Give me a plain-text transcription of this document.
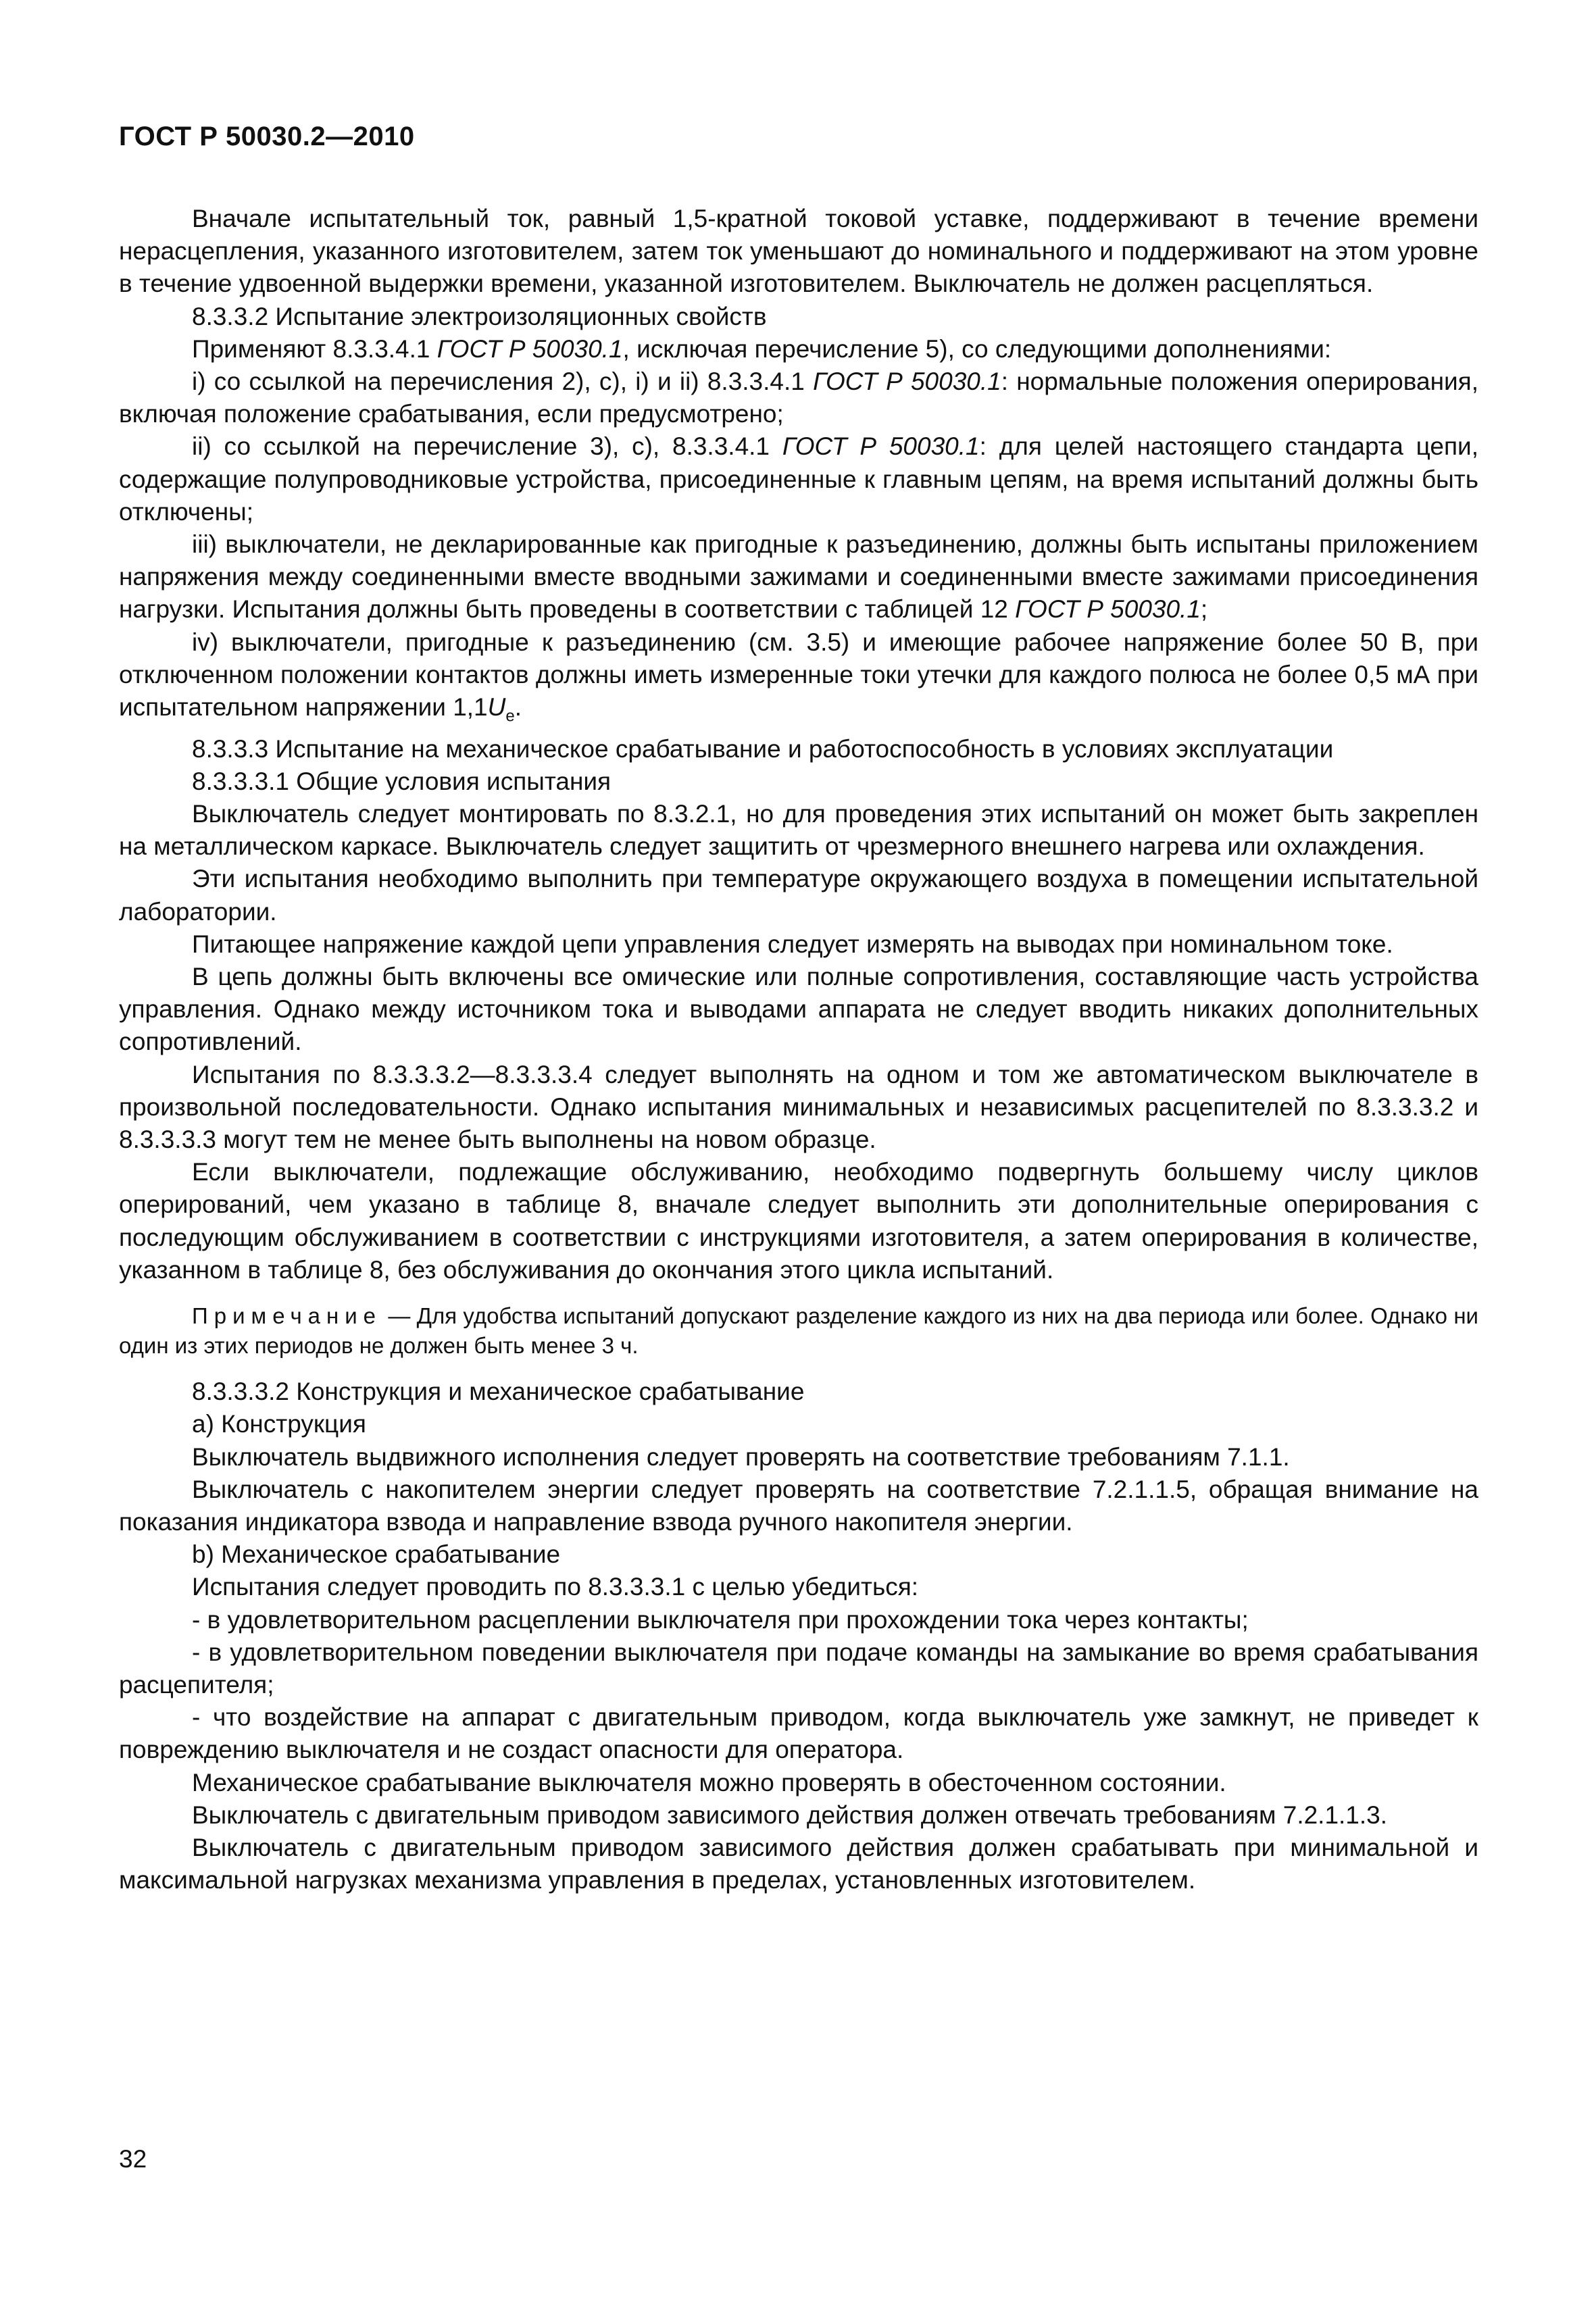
ГОСТ Р 50030.2—2010

Вначале испытательный ток, равный 1,5-кратной токовой уставке, поддерживают в течение времени нерасцепления, указанного изготовителем, затем ток уменьшают до номинального и поддерживают на этом уровне в течение удвоенной выдержки времени, указанной изготовителем. Выключатель не должен расцепляться.

8.3.3.2 Испытание электроизоляционных свойств

Применяют 8.3.3.4.1 ГОСТ Р 50030.1, исключая перечисление 5), со следующими дополнениями:

i) со ссылкой на перечисления 2), c), i) и ii) 8.3.3.4.1 ГОСТ Р 50030.1: нормальные положения оперирования, включая положение срабатывания, если предусмотрено;

ii) со ссылкой на перечисление 3), c), 8.3.3.4.1 ГОСТ Р 50030.1: для целей настоящего стандарта цепи, содержащие полупроводниковые устройства, присоединенные к главным цепям, на время испытаний должны быть отключены;

iii) выключатели, не декларированные как пригодные к разъединению, должны быть испытаны приложением напряжения между соединенными вместе вводными зажимами и соединенными вместе зажимами присоединения нагрузки. Испытания должны быть проведены в соответствии с таблицей 12 ГОСТ Р 50030.1;

iv) выключатели, пригодные к разъединению (см. 3.5) и имеющие рабочее напряжение более 50 В, при отключенном положении контактов должны иметь измеренные токи утечки для каждого полюса не более 0,5 мА при испытательном напряжении $1,1U_e$.

8.3.3.3 Испытание на механическое срабатывание и работоспособность в условиях эксплуатации

8.3.3.3.1 Общие условия испытания

Выключатель следует монтировать по 8.3.2.1, но для проведения этих испытаний он может быть закреплен на металлическом каркасе. Выключатель следует защитить от чрезмерного внешнего нагрева или охлаждения.

Эти испытания необходимо выполнить при температуре окружающего воздуха в помещении испытательной лаборатории.

Питающее напряжение каждой цепи управления следует измерять на выводах при номинальном токе.

В цепь должны быть включены все омические или полные сопротивления, составляющие часть устройства управления. Однако между источником тока и выводами аппарата не следует вводить никаких дополнительных сопротивлений.

Испытания по 8.3.3.3.2—8.3.3.3.4 следует выполнять на одном и том же автоматическом выключателе в произвольной последовательности. Однако испытания минимальных и независимых расцепителей по 8.3.3.3.2 и 8.3.3.3.3 могут тем не менее быть выполнены на новом образце.

Если выключатели, подлежащие обслуживанию, необходимо подвергнуть большему числу циклов оперирований, чем указано в таблице 8, вначале следует выполнить эти дополнительные оперирования с последующим обслуживанием в соответствии с инструкциями изготовителя, а затем оперирования в количестве, указанном в таблице 8, без обслуживания до окончания этого цикла испытаний.

Примечание — Для удобства испытаний допускают разделение каждого из них на два периода или более. Однако ни один из этих периодов не должен быть менее 3 ч.

8.3.3.3.2 Конструкция и механическое срабатывание

a) Конструкция

Выключатель выдвижного исполнения следует проверять на соответствие требованиям 7.1.1.

Выключатель с накопителем энергии следует проверять на соответствие 7.2.1.1.5, обращая внимание на показания индикатора взвода и направление взвода ручного накопителя энергии.

b) Механическое срабатывание

Испытания следует проводить по 8.3.3.3.1 с целью убедиться:

- в удовлетворительном расцеплении выключателя при прохождении тока через контакты;

- в удовлетворительном поведении выключателя при подаче команды на замыкание во время срабатывания расцепителя;

- что воздействие на аппарат с двигательным приводом, когда выключатель уже замкнут, не приведет к повреждению выключателя и не создаст опасности для оператора.

Механическое срабатывание выключателя можно проверять в обесточенном состоянии.

Выключатель с двигательным приводом зависимого действия должен отвечать требованиям 7.2.1.1.3.

Выключатель с двигательным приводом зависимого действия должен срабатывать при минимальной и максимальной нагрузках механизма управления в пределах, установленных изготовителем.

32
